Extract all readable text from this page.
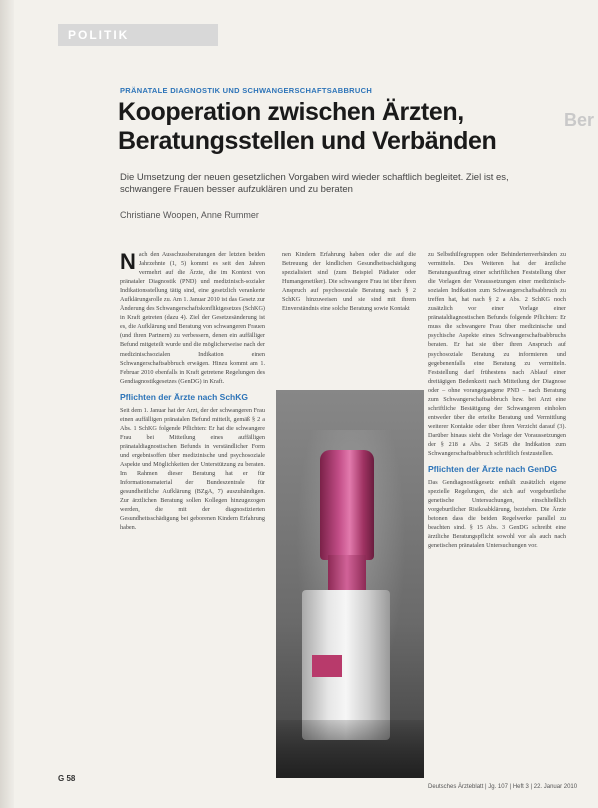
POLITIK
Ber
PRÄNATALE DIAGNOSTIK UND SCHWANGERSCHAFTSABBRUCH
Kooperation zwischen Ärzten, Beratungsstellen und Verbänden

Die Umsetzung der neuen gesetzlichen Vorgaben wird wieder schaftlich begleitet. Ziel ist es, schwangere Frauen besser aufzuklären und zu beraten

Christiane Woopen, Anne Rummer

N ach den Ausschussberatungen der letzten beiden Jahrzehnte (1, 5) kommt es seit den Jahren vermehrt auf die Ärzte, die im Kontext von pränataler Diagnostik (PND) und medizinisch-sozialer Indikationsstellung tätig sind, eine gesetzlich verankerte Aufklärungsrolle zu. Am 1. Januar 2010 ist das Gesetz zur Änderung des Schwangerschaftskonfliktgesetzes (SchKG) in Kraft getreten (dazu 4). Ziel der Gesetzesänderung ist es, die Aufklärung und Beratung von schwangeren Frauen (und ihren Partnern) zu verbessern, denen ein auffälliger Befund mitgeteilt wurde und die möglicherweise nach der medizinischsozialen Indikation einen Schwangerschaftsabbruch erwägen. Hinzu kommt am 1. Februar 2010 ebenfalls in Kraft getretene Regelungen des Gendiagnostikgesetzes (GenDG) in Kraft.

Pflichten der Ärzte nach SchKG

Seit dem 1. Januar hat der Arzt, der der schwangeren Frau einen auffälligen pränatalen Befund mitteilt, gemäß § 2 a Abs. 1 SchKG folgende Pflichten: Er hat die schwangere Frau bei Mitteilung eines auffälligen pränataldiagnostischen Befunds in verständlicher Form und ergebnisoffen über medizinische und psychosoziale Aspekte und Möglichkeiten der Unterstützung zu beraten. Im Rahmen dieser Beratung hat er für Informationsmaterial der Bundeszentrale für gesundheitliche Aufklärung (BZgA, 7) auszuhändigen. Zur ärztlichen Beratung sollen Kollegen hinzugezogen werden, die mit der diagnostizierten Gesundheitsschädigung bei geborenen Kindern Erfahrung haben.

nen Kindern Erfahrung haben oder die auf die Betreuung der kindlichen Gesundheitsschädigung spezialisiert sind (zum Beispiel Pädiater oder Humangenetiker). Die schwangere Frau ist über ihren Anspruch auf psychosoziale Beratung nach § 2 SchKG hinzuweisen und sie sind mit ihrem Einverständnis eine solche Beratung sowie Kontakt

zu Selbsthilfegruppen oder Behindertenverbänden zu vermitteln. Des Weiteren hat der ärztliche Beratungsauftrag einer schriftlichen Feststellung über die Vorlagen der Voraussetzungen einer medizinisch-sozialen Indikation zum Schwangerschaftsabbruch zu treffen hat, hat nach § 2 a Abs. 2 SchKG noch zusätzlich vor einer Vorlage einer pränataldiagnostischen Befunds folgende Pflichten: Er muss die schwangere Frau über medizinische und psychische Aspekte eines Schwangerschaftsabbruchs beraten. Er hat sie über ihren Anspruch auf psychosoziale Beratung zu informieren und gegebenenfalls eine Beratung zu vermitteln. Feststellung darf frühestens nach Ablauf einer dreitägigen Bedenkzeit nach Mitteilung der Diagnose oder – ohne vorangegangene PND – nach Beratung zum Schwangerschaftsabbruch bzw. bei Arzt eine schriftliche Bestätigung der Schwangeren einholen entweder über die erteilte Beratung und Vermittlung weiterer Kontakte oder über ihren Verzicht darauf (3). Darüber hinaus sieht die Vorlage der Voraussetzungen der § 218 a Abs. 2 StGB die Indikation zum Schwangerschaftsabbruch schriftlich festzustellen.

Pflichten der Ärzte nach GenDG

Das Gendiagnostikgesetz enthält zusätzlich eigene spezielle Regelungen, die sich auf vorgeburtliche genetische Untersuchungen, einschließlich vorgeburtlicher Risikoabklärung, beziehen. Die Ärzte betonen dass die beiden Regelwerke parallel zu beachten sind. § 15 Abs. 3 GenDG schreibt eine ärztliche Beratungspflicht sowohl vor als auch nach genetischen pränatalen Untersuchungen vor.

G 58
Deutsches Ärzteblatt | Jg. 107 | Heft 3 | 22. Januar 2010
